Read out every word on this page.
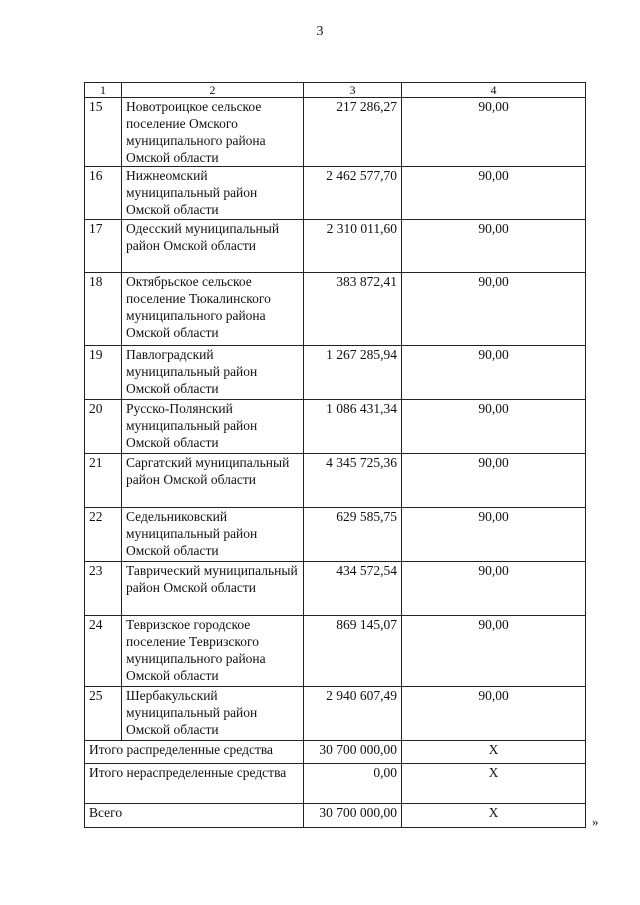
3
1	2	3	4
15	Новотроицкое сельское поселение Омского муниципального района Омской области	217 286,27	90,00
16	Нижнеомский муниципальный район Омской области	2 462 577,70	90,00
17	Одесский муниципальный район Омской области	2 310 011,60	90,00
18	Октябрьское сельское поселение Тюкалинского муниципального района Омской области	383 872,41	90,00
19	Павлоградский муниципальный район Омской области	1 267 285,94	90,00
20	Русско-Полянский муниципальный район Омской области	1 086 431,34	90,00
21	Саргатский муниципальный район Омской области	4 345 725,36	90,00
22	Седельниковский муниципальный район Омской области	629 585,75	90,00
23	Таврический муниципальный район Омской области	434 572,54	90,00
24	Тевризское городское поселение Тевризского муниципального района Омской области	869 145,07	90,00
25	Шербакульский муниципальный район Омской области	2 940 607,49	90,00
Итого распределенные средства		30 700 000,00	X
Итого нераспределенные средства		0,00	X
Всего		30 700 000,00	X
»
